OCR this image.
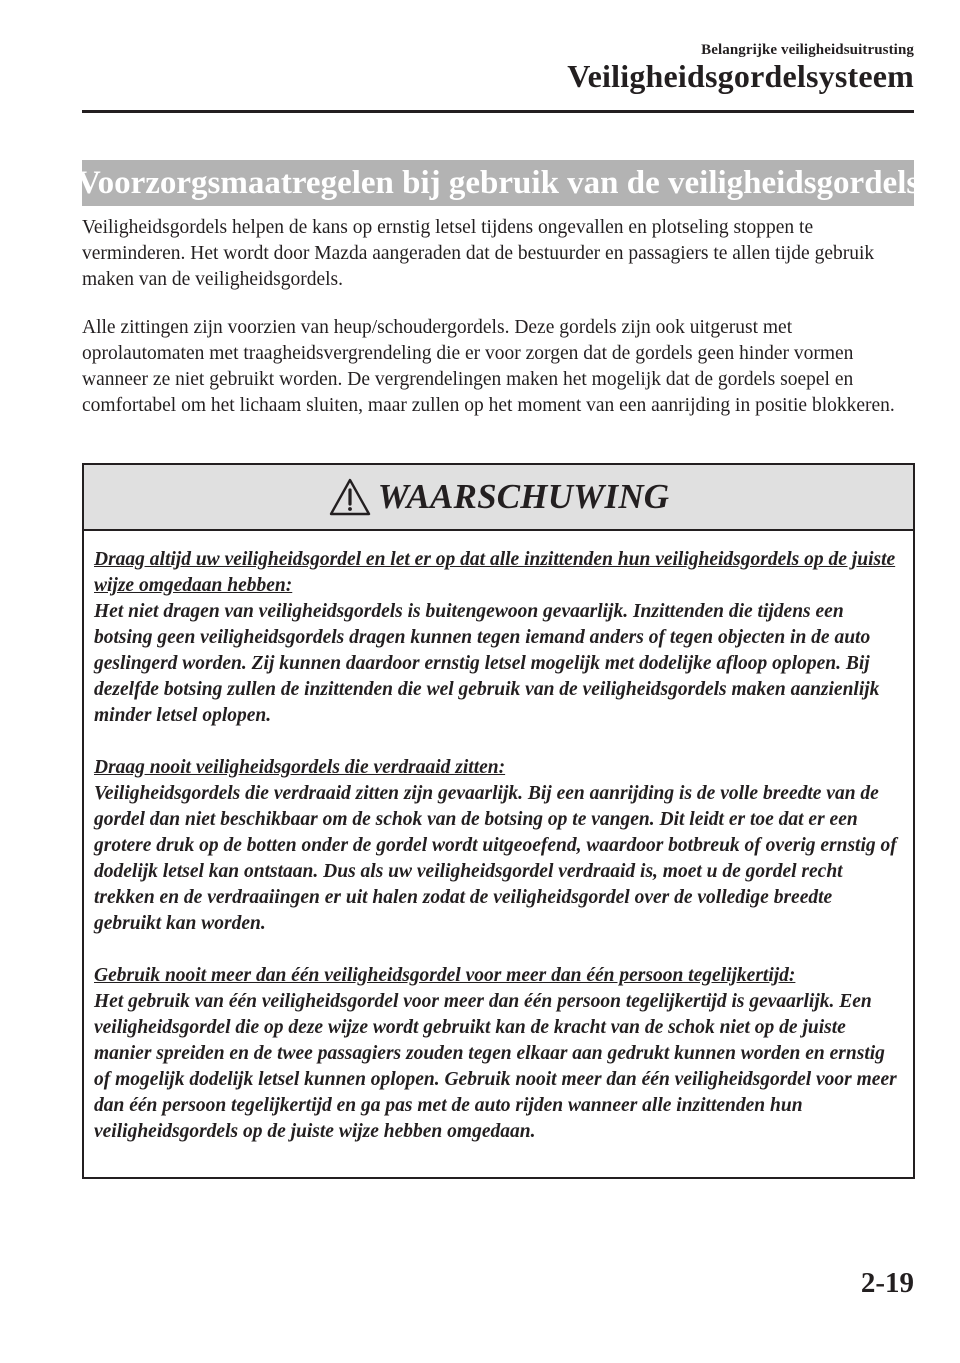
Belangrijke veiligheidsuitrusting
Veiligheidsgordelsysteem
Voorzorgsmaatregelen bij gebruik van de veiligheidsgordels

Veiligheidsgordels helpen de kans op ernstig letsel tijdens ongevallen en plotseling stoppen te verminderen. Het wordt door Mazda aangeraden dat de bestuurder en passagiers te allen tijde gebruik maken van de veiligheidsgordels.

Alle zittingen zijn voorzien van heup/schoudergordels. Deze gordels zijn ook uitgerust met oprolautomaten met traagheidsvergrendeling die er voor zorgen dat de gordels geen hinder vormen wanneer ze niet gebruikt worden. De vergrendelingen maken het mogelijk dat de gordels soepel en comfortabel om het lichaam sluiten, maar zullen op het moment van een aanrijding in positie blokkeren.

WAARSCHUWING
Draag altijd uw veiligheidsgordel en let er op dat alle inzittenden hun veiligheidsgordels op de juiste wijze omgedaan hebben:
Het niet dragen van veiligheidsgordels is buitengewoon gevaarlijk. Inzittenden die tijdens een botsing geen veiligheidsgordels dragen kunnen tegen iemand anders of tegen objecten in de auto geslingerd worden. Zij kunnen daardoor ernstig letsel mogelijk met dodelijke afloop oplopen. Bij dezelfde botsing zullen de inzittenden die wel gebruik van de veiligheidsgordels maken aanzienlijk minder letsel oplopen.
Draag nooit veiligheidsgordels die verdraaid zitten:
Veiligheidsgordels die verdraaid zitten zijn gevaarlijk. Bij een aanrijding is de volle breedte van de gordel dan niet beschikbaar om de schok van de botsing op te vangen. Dit leidt er toe dat er een grotere druk op de botten onder de gordel wordt uitgeoefend, waardoor botbreuk of overig ernstig of dodelijk letsel kan ontstaan. Dus als uw veiligheidsgordel verdraaid is, moet u de gordel recht trekken en de verdraaiingen er uit halen zodat de veiligheidsgordel over de volledige breedte gebruikt kan worden.
Gebruik nooit meer dan één veiligheidsgordel voor meer dan één persoon tegelijkertijd:
Het gebruik van één veiligheidsgordel voor meer dan één persoon tegelijkertijd is gevaarlijk. Een veiligheidsgordel die op deze wijze wordt gebruikt kan de kracht van de schok niet op de juiste manier spreiden en de twee passagiers zouden tegen elkaar aan gedrukt kunnen worden en ernstig of mogelijk dodelijk letsel kunnen oplopen. Gebruik nooit meer dan één veiligheidsgordel voor meer dan één persoon tegelijkertijd en ga pas met de auto rijden wanneer alle inzittenden hun veiligheidsgordels op de juiste wijze hebben omgedaan.
2-19
